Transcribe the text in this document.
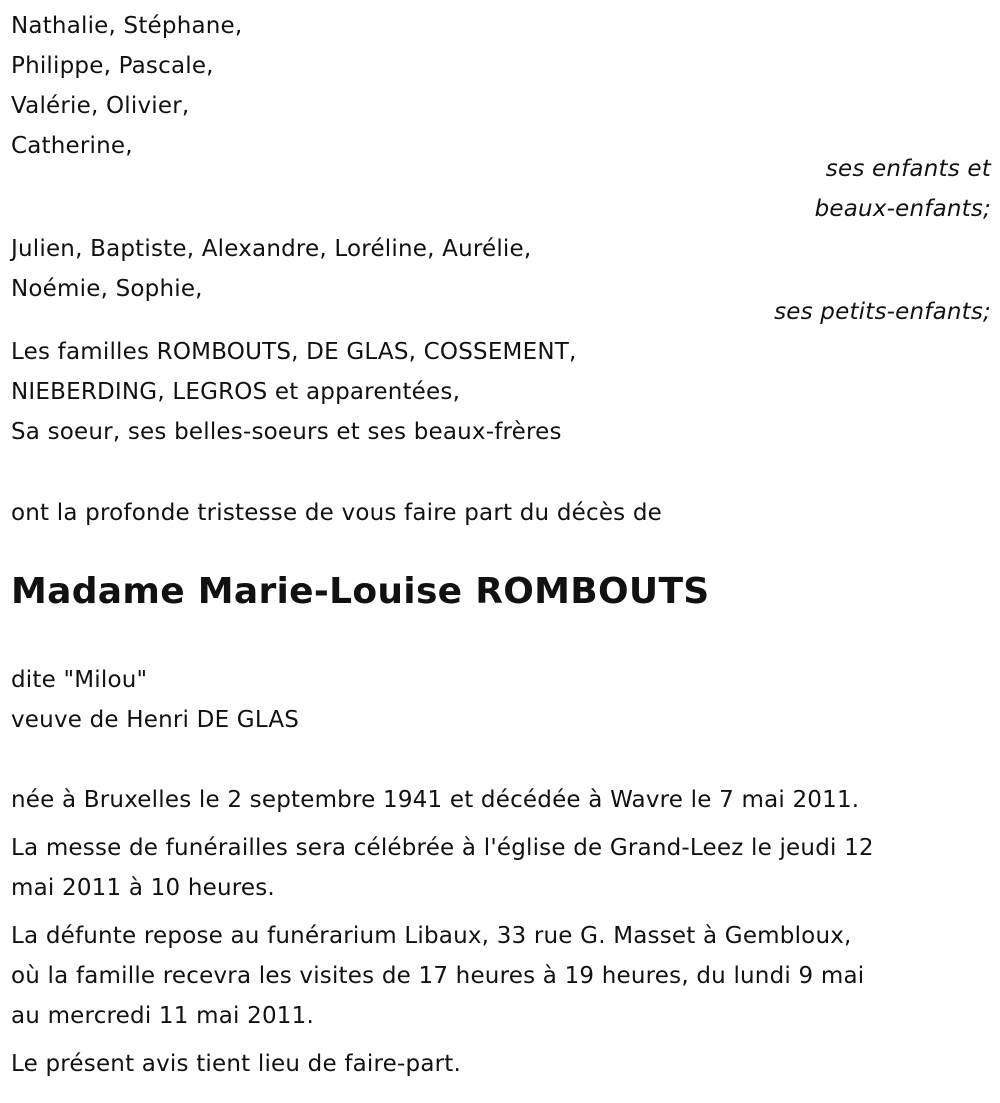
Nathalie, Stéphane,
Philippe, Pascale,
Valérie, Olivier,
Catherine,
ses enfants et
beaux-enfants;
Julien, Baptiste, Alexandre, Loréline, Aurélie,
Noémie, Sophie,
ses petits-enfants;
Les familles ROMBOUTS, DE GLAS, COSSEMENT,
NIEBERDING, LEGROS et apparentées,
Sa soeur, ses belles-soeurs et ses beaux-frères
ont la profonde tristesse de vous faire part du décès de
Madame Marie-Louise ROMBOUTS
dite "Milou"
veuve de Henri DE GLAS
née à Bruxelles le 2 septembre 1941 et décédée à Wavre le 7 mai 2011.
La messe de funérailles sera célébrée à l'église de Grand-Leez le jeudi 12
mai 2011 à 10 heures.
La défunte repose au funérarium Libaux, 33 rue G. Masset à Gembloux,
où la famille recevra les visites de 17 heures à 19 heures, du lundi 9 mai
au mercredi 11 mai 2011.
Le présent avis tient lieu de faire-part.
